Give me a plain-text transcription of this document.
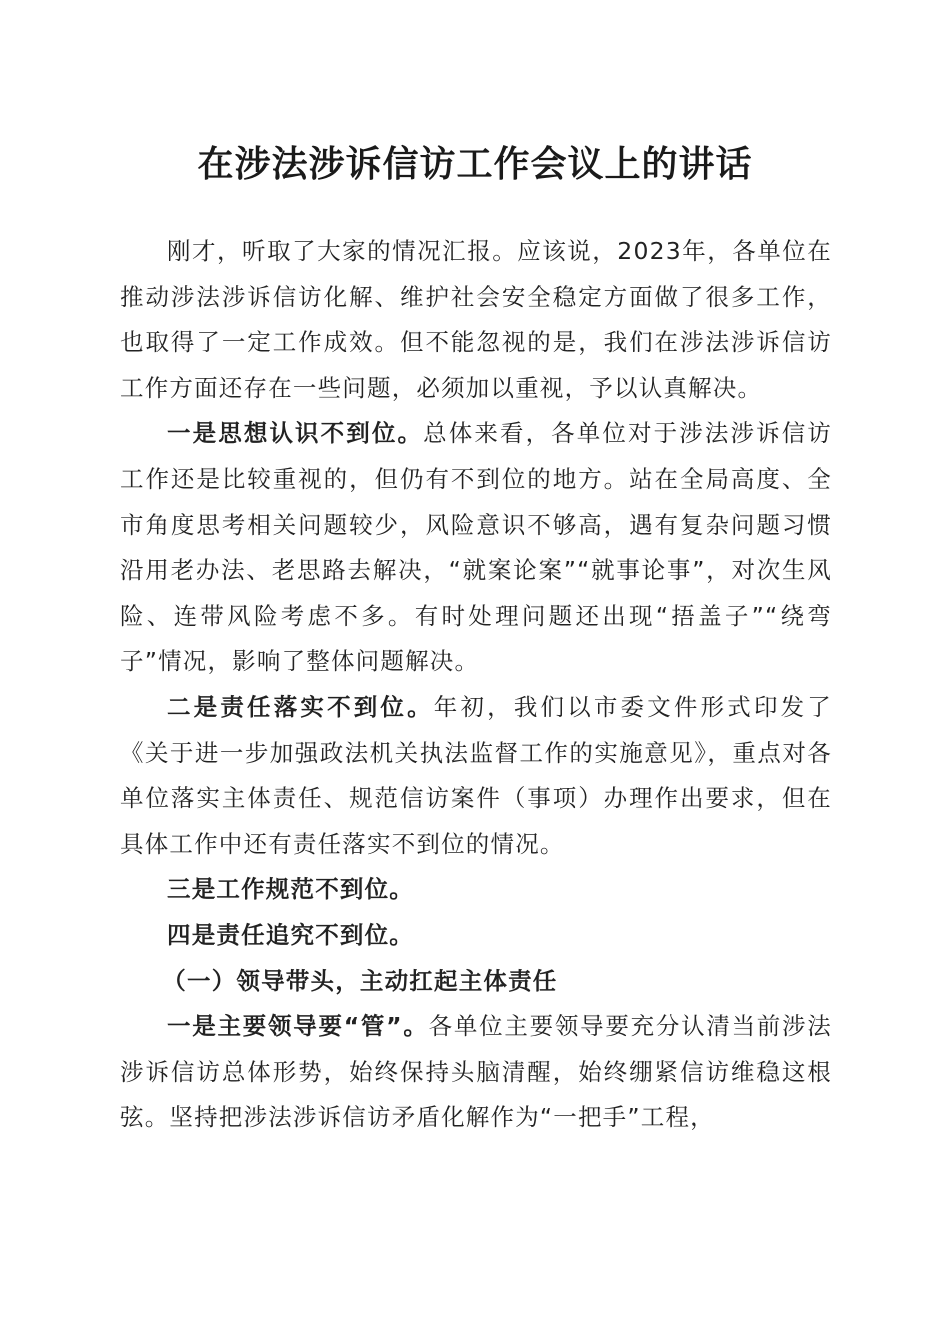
在涉法涉诉信访工作会议上的讲话

刚才，听取了大家的情况汇报。应该说，2023年，各单位在推动涉法涉诉信访化解、维护社会安全稳定方面做了很多工作，也取得了一定工作成效。但不能忽视的是，我们在涉法涉诉信访工作方面还存在一些问题，必须加以重视，予以认真解决。

一是思想认识不到位。总体来看，各单位对于涉法涉诉信访工作还是比较重视的，但仍有不到位的地方。站在全局高度、全市角度思考相关问题较少，风险意识不够高，遇有复杂问题习惯沿用老办法、老思路去解决，“就案论案”“就事论事”，对次生风险、连带风险考虑不多。有时处理问题还出现“捂盖子”“绕弯子”情况，影响了整体问题解决。

二是责任落实不到位。年初，我们以市委文件形式印发了《关于进一步加强政法机关执法监督工作的实施意见》，重点对各单位落实主体责任、规范信访案件（事项）办理作出要求，但在具体工作中还有责任落实不到位的情况。

三是工作规范不到位。

四是责任追究不到位。

（一）领导带头，主动扛起主体责任

一是主要领导要“管”。各单位主要领导要充分认清当前涉法涉诉信访总体形势，始终保持头脑清醒，始终绷紧信访维稳这根弦。坚持把涉法涉诉信访矛盾化解作为“一把手”工程，
